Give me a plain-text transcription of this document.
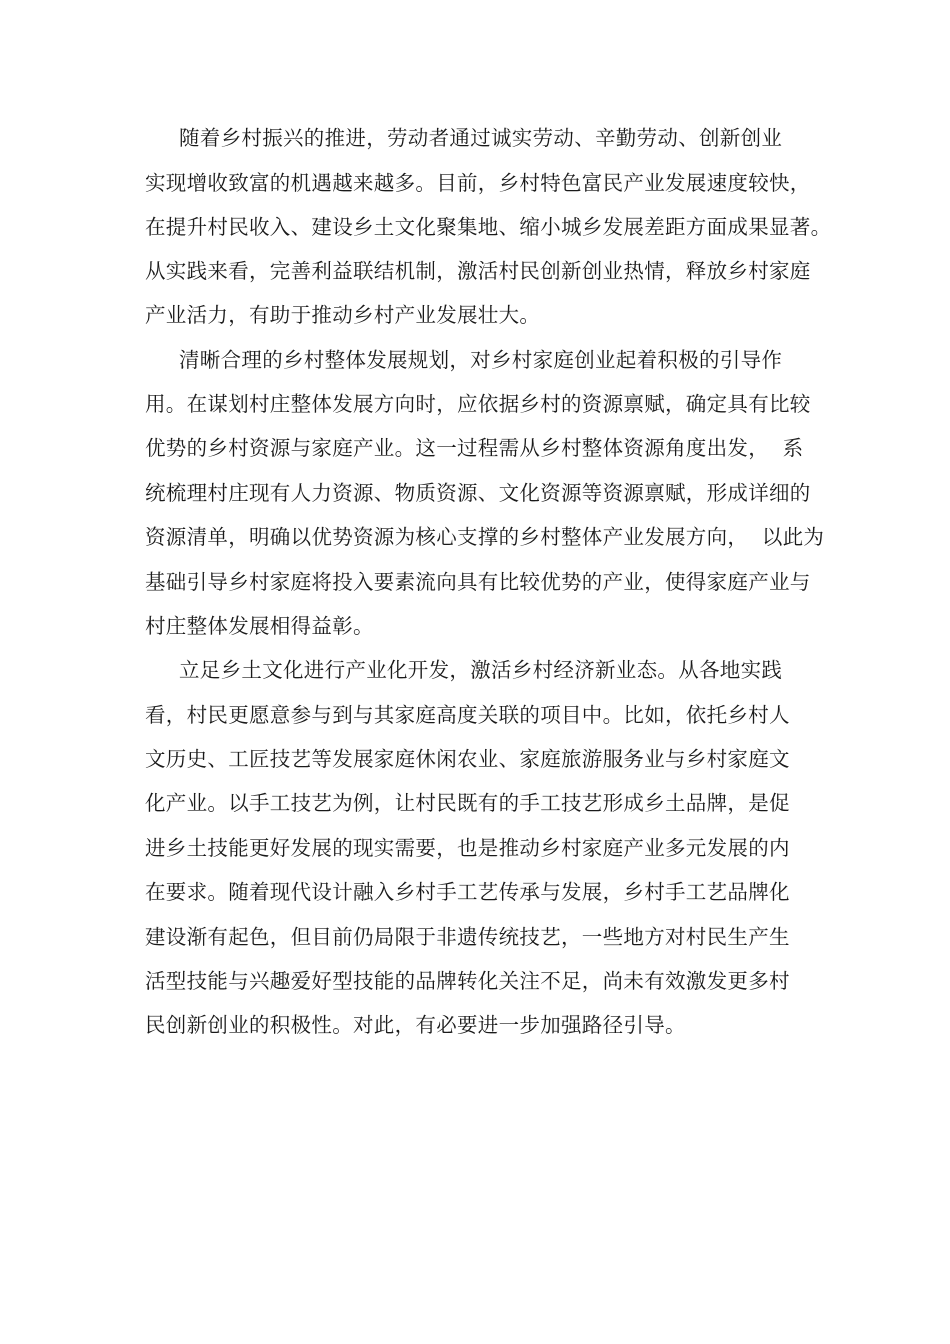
随着乡村振兴的推进，劳动者通过诚实劳动、辛勤劳动、创新创业
实现增收致富的机遇越来越多。目前，乡村特色富民产业发展速度较快，
在提升村民收入、建设乡土文化聚集地、缩小城乡发展差距方面成果显著。
从实践来看，完善利益联结机制，激活村民创新创业热情，释放乡村家庭
产业活力，有助于推动乡村产业发展壮大。
清晰合理的乡村整体发展规划，对乡村家庭创业起着积极的引导作
用。在谋划村庄整体发展方向时，应依据乡村的资源禀赋，确定具有比较
优势的乡村资源与家庭产业。这一过程需从乡村整体资源角度出发，  系
统梳理村庄现有人力资源、物质资源、文化资源等资源禀赋，形成详细的
资源清单，明确以优势资源为核心支撑的乡村整体产业发展方向，  以此为
基础引导乡村家庭将投入要素流向具有比较优势的产业，使得家庭产业与
村庄整体发展相得益彰。
立足乡土文化进行产业化开发，激活乡村经济新业态。从各地实践
看，村民更愿意参与到与其家庭高度关联的项目中。比如，依托乡村人
文历史、工匠技艺等发展家庭休闲农业、家庭旅游服务业与乡村家庭文
化产业。以手工技艺为例，让村民既有的手工技艺形成乡土品牌，是促
进乡土技能更好发展的现实需要，也是推动乡村家庭产业多元发展的内
在要求。随着现代设计融入乡村手工艺传承与发展，乡村手工艺品牌化
建设渐有起色，但目前仍局限于非遗传统技艺，一些地方对村民生产生
活型技能与兴趣爱好型技能的品牌转化关注不足，尚未有效激发更多村
民创新创业的积极性。对此，有必要进一步加强路径引导。
